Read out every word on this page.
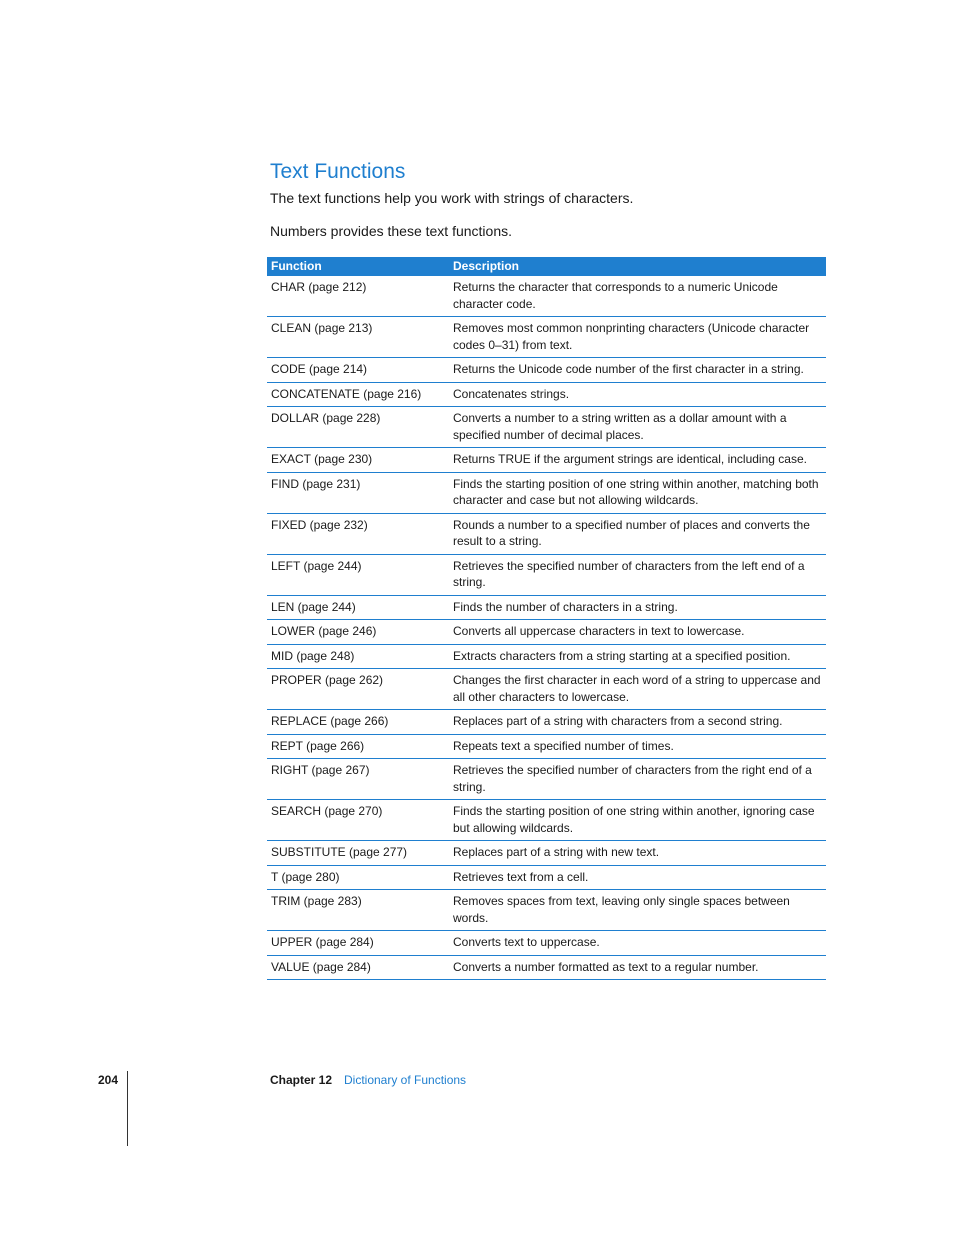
Text Functions

The text functions help you work with strings of characters.

Numbers provides these text functions.

Function	Description
CHAR (page 212)	Returns the character that corresponds to a numeric Unicode character code.
CLEAN (page 213)	Removes most common nonprinting characters (Unicode character codes 0–31) from text.
CODE (page 214)	Returns the Unicode code number of the first character in a string.
CONCATENATE (page 216)	Concatenates strings.
DOLLAR (page 228)	Converts a number to a string written as a dollar amount with a specified number of decimal places.
EXACT (page 230)	Returns TRUE if the argument strings are identical, including case.
FIND (page 231)	Finds the starting position of one string within another, matching both character and case but not allowing wildcards.
FIXED (page 232)	Rounds a number to a specified number of places and converts the result to a string.
LEFT (page 244)	Retrieves the specified number of characters from the left end of a string.
LEN (page 244)	Finds the number of characters in a string.
LOWER (page 246)	Converts all uppercase characters in text to lowercase.
MID (page 248)	Extracts characters from a string starting at a specified position.
PROPER (page 262)	Changes the first character in each word of a string to uppercase and all other characters to lowercase.
REPLACE (page 266)	Replaces part of a string with characters from a second string.
REPT (page 266)	Repeats text a specified number of times.
RIGHT (page 267)	Retrieves the specified number of characters from the right end of a string.
SEARCH (page 270)	Finds the starting position of one string within another, ignoring case but allowing wildcards.
SUBSTITUTE (page 277)	Replaces part of a string with new text.
T (page 280)	Retrieves text from a cell.
TRIM (page 283)	Removes spaces from text, leaving only single spaces between words.
UPPER (page 284)	Converts text to uppercase.
VALUE (page 284)	Converts a number formatted as text to a regular number.
204	Chapter 12 Dictionary of Functions
